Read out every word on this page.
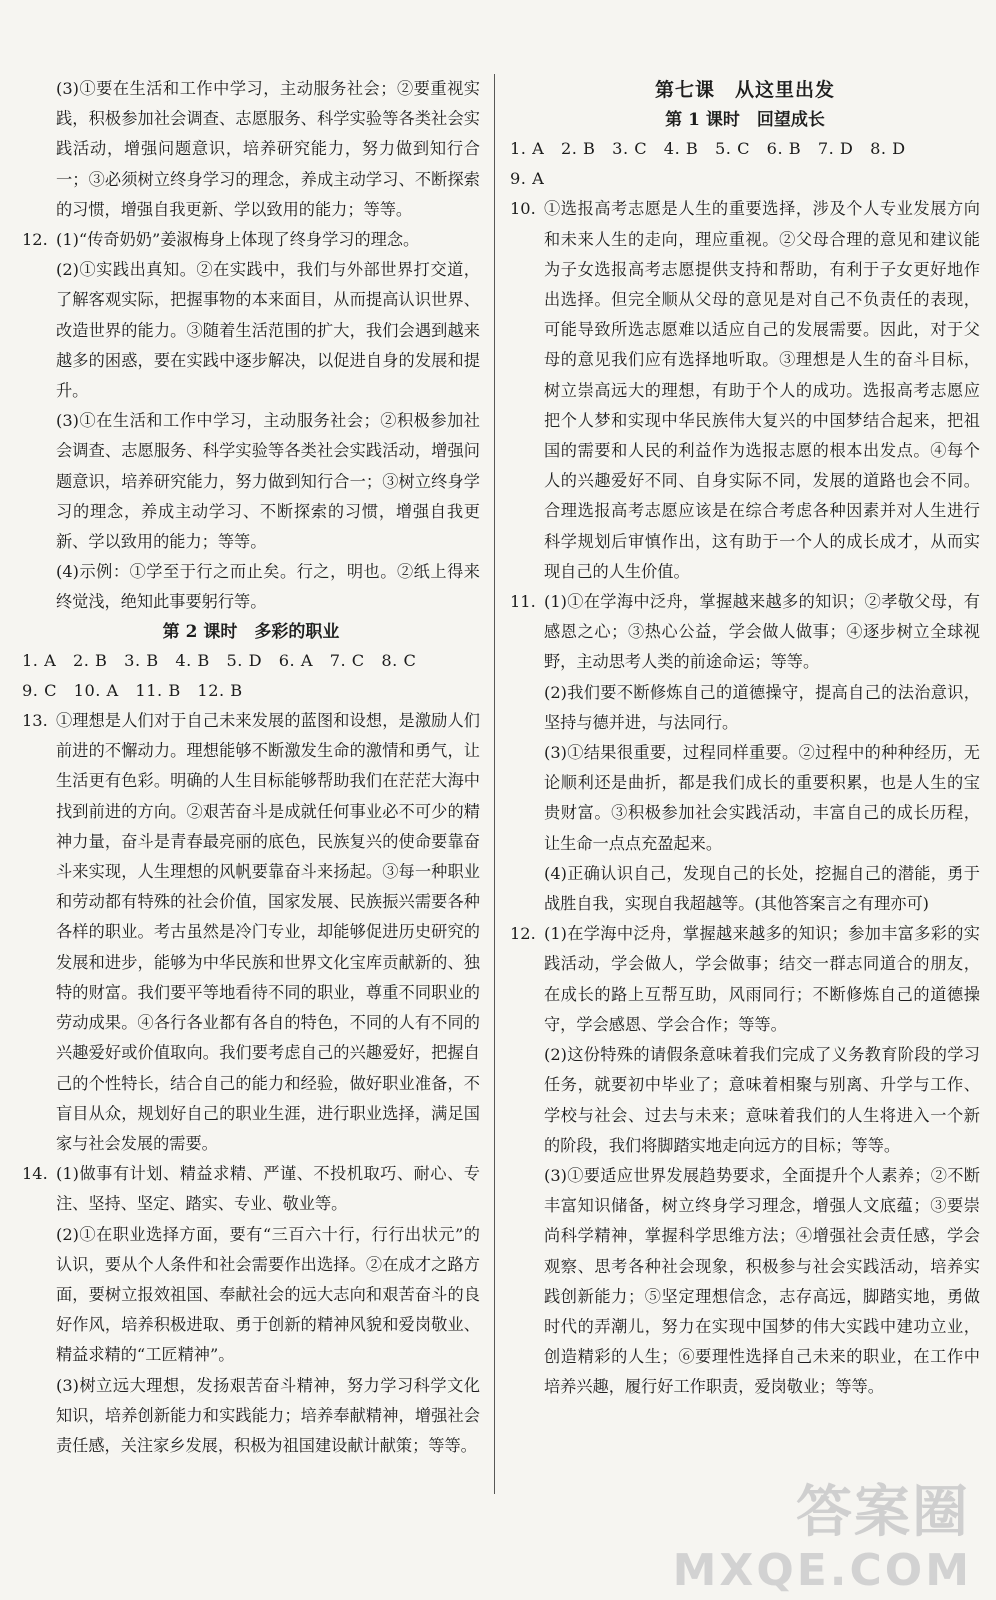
(3)①要在生活和工作中学习，主动服务社会；②要重视实践，积极参加社会调查、志愿服务、科学实验等各类社会实践活动，增强问题意识，培养研究能力，努力做到知行合一；③必须树立终身学习的理念，养成主动学习、不断探索的习惯，增强自我更新、学以致用的能力；等等。

12. (1)“传奇奶奶”姜淑梅身上体现了终身学习的理念。

(2)①实践出真知。②在实践中，我们与外部世界打交道，了解客观实际，把握事物的本来面目，从而提高认识世界、改造世界的能力。③随着生活范围的扩大，我们会遇到越来越多的困惑，要在实践中逐步解决，以促进自身的发展和提升。

(3)①在生活和工作中学习，主动服务社会；②积极参加社会调查、志愿服务、科学实验等各类社会实践活动，增强问题意识，培养研究能力，努力做到知行合一；③树立终身学习的理念，养成主动学习、不断探索的习惯，增强自我更新、学以致用的能力；等等。

(4)示例：①学至于行之而止矣。行之，明也。②纸上得来终觉浅，绝知此事要躬行等。

第 2 课时　多彩的职业
1. A　2. B　3. B　4. B　5. D　6. A　7. C　8. C
9. C　10. A　11. B　12. B
13. ①理想是人们对于自己未来发展的蓝图和设想，是激励人们前进的不懈动力。理想能够不断激发生命的激情和勇气，让生活更有色彩。明确的人生目标能够帮助我们在茫茫大海中找到前进的方向。②艰苦奋斗是成就任何事业必不可少的精神力量，奋斗是青春最亮丽的底色，民族复兴的使命要靠奋斗来实现，人生理想的风帆要靠奋斗来扬起。③每一种职业和劳动都有特殊的社会价值，国家发展、民族振兴需要各种各样的职业。考古虽然是冷门专业，却能够促进历史研究的发展和进步，能够为中华民族和世界文化宝库贡献新的、独特的财富。我们要平等地看待不同的职业，尊重不同职业的劳动成果。④各行各业都有各自的特色，不同的人有不同的兴趣爱好或价值取向。我们要考虑自己的兴趣爱好，把握自己的个性特长，结合自己的能力和经验，做好职业准备，不盲目从众，规划好自己的职业生涯，进行职业选择，满足国家与社会发展的需要。

14. (1)做事有计划、精益求精、严谨、不投机取巧、耐心、专注、坚持、坚定、踏实、专业、敬业等。

(2)①在职业选择方面，要有“三百六十行，行行出状元”的认识，要从个人条件和社会需要作出选择。②在成才之路方面，要树立报效祖国、奉献社会的远大志向和艰苦奋斗的良好作风，培养积极进取、勇于创新的精神风貌和爱岗敬业、精益求精的“工匠精神”。

(3)树立远大理想，发扬艰苦奋斗精神，努力学习科学文化知识，培养创新能力和实践能力；培养奉献精神，增强社会责任感，关注家乡发展，积极为祖国建设献计献策；等等。

第七课　从这里出发
第 1 课时　回望成长
1. A　2. B　3. C　4. B　5. C　6. B　7. D　8. D
9. A
10. ①选报高考志愿是人生的重要选择，涉及个人专业发展方向和未来人生的走向，理应重视。②父母合理的意见和建议能为子女选报高考志愿提供支持和帮助，有利于子女更好地作出选择。但完全顺从父母的意见是对自己不负责任的表现，可能导致所选志愿难以适应自己的发展需要。因此，对于父母的意见我们应有选择地听取。③理想是人生的奋斗目标，树立崇高远大的理想，有助于个人的成功。选报高考志愿应把个人梦和实现中华民族伟大复兴的中国梦结合起来，把祖国的需要和人民的利益作为选报志愿的根本出发点。④每个人的兴趣爱好不同、自身实际不同，发展的道路也会不同。合理选报高考志愿应该是在综合考虑各种因素并对人生进行科学规划后审慎作出，这有助于一个人的成长成才，从而实现自己的人生价值。

11. (1)①在学海中泛舟，掌握越来越多的知识；②孝敬父母，有感恩之心；③热心公益，学会做人做事；④逐步树立全球视野，主动思考人类的前途命运；等等。

(2)我们要不断修炼自己的道德操守，提高自己的法治意识，坚持与德并进，与法同行。

(3)①结果很重要，过程同样重要。②过程中的种种经历，无论顺利还是曲折，都是我们成长的重要积累，也是人生的宝贵财富。③积极参加社会实践活动，丰富自己的成长历程，让生命一点点充盈起来。

(4)正确认识自己，发现自己的长处，挖掘自己的潜能，勇于战胜自我，实现自我超越等。(其他答案言之有理亦可)

12. (1)在学海中泛舟，掌握越来越多的知识；参加丰富多彩的实践活动，学会做人，学会做事；结交一群志同道合的朋友，在成长的路上互帮互助，风雨同行；不断修炼自己的道德操守，学会感恩、学会合作；等等。

(2)这份特殊的请假条意味着我们完成了义务教育阶段的学习任务，就要初中毕业了；意味着相聚与别离、升学与工作、学校与社会、过去与未来；意味着我们的人生将进入一个新的阶段，我们将脚踏实地走向远方的目标；等等。

(3)①要适应世界发展趋势要求，全面提升个人素养；②不断丰富知识储备，树立终身学习理念，增强人文底蕴；③要崇尚科学精神，掌握科学思维方法；④增强社会责任感，学会观察、思考各种社会现象，积极参与社会实践活动，培养实践创新能力；⑤坚定理想信念，志存高远，脚踏实地，勇做时代的弄潮儿，努力在实现中国梦的伟大实践中建功立业，创造精彩的人生；⑥要理性选择自己未来的职业，在工作中培养兴趣，履行好工作职责，爱岗敬业；等等。

答案圈
MXQE.COM
